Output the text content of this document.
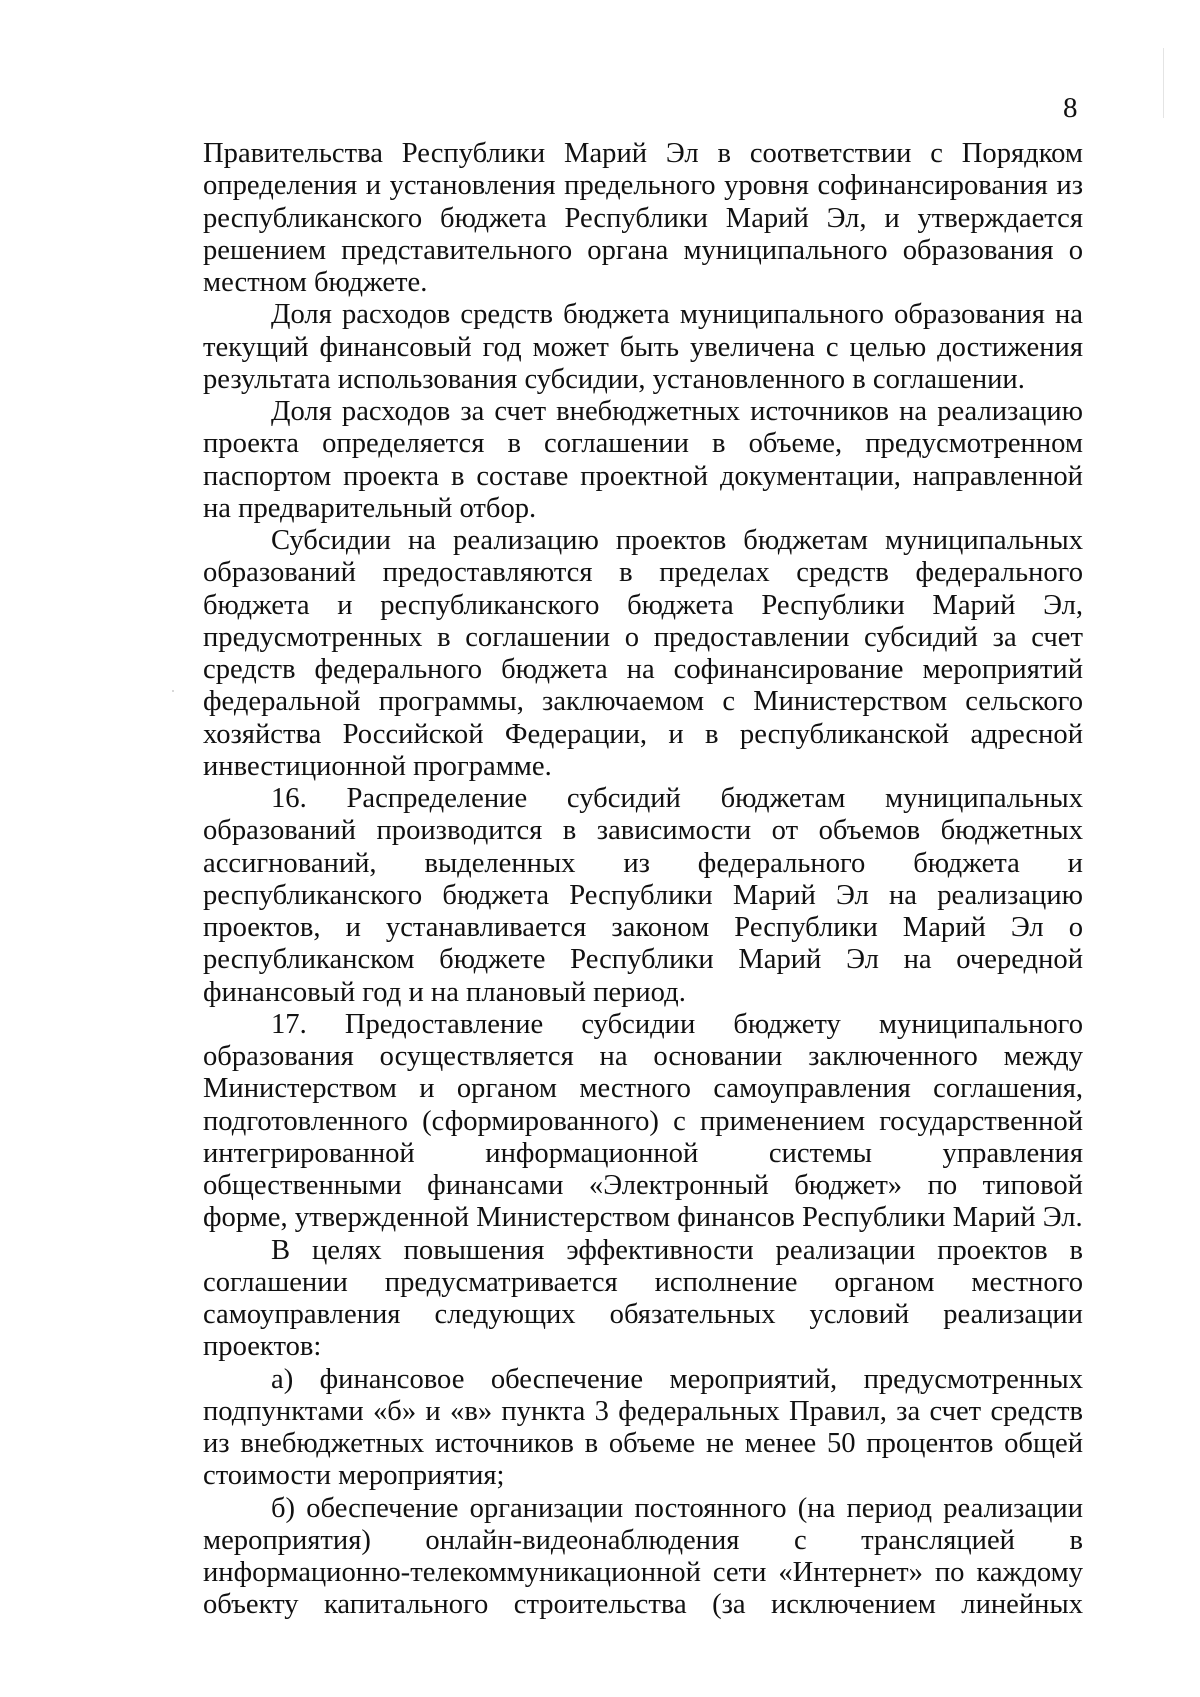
8

Правительства Республики Марий Эл в соответствии с Порядком определения и установления предельного уровня софинансирования из республиканского бюджета Республики Марий Эл, и утверждается решением представительного органа муниципального образования о местном бюджете.

Доля расходов средств бюджета муниципального образования на текущий финансовый год может быть увеличена с целью достижения результата использования субсидии, установленного в соглашении.

Доля расходов за счет внебюджетных источников на реализацию проекта определяется в соглашении в объеме, предусмотренном паспортом проекта в составе проектной документации, направленной на предварительный отбор.

Субсидии на реализацию проектов бюджетам муниципальных образований предоставляются в пределах средств федерального бюджета и республиканского бюджета Республики Марий Эл, предусмотренных в соглашении о предоставлении субсидий за счет средств федерального бюджета на софинансирование мероприятий федеральной программы, заключаемом с Министерством сельского хозяйства Российской Федерации, и в республиканской адресной инвестиционной программе.

16. Распределение субсидий бюджетам муниципальных образований производится в зависимости от объемов бюджетных ассигнований, выделенных из федерального бюджета и республиканского бюджета Республики Марий Эл на реализацию проектов, и устанавливается законом Республики Марий Эл о республиканском бюджете Республики Марий Эл на очередной финансовый год и на плановый период.

17. Предоставление субсидии бюджету муниципального образования осуществляется на основании заключенного между Министерством и органом местного самоуправления соглашения, подготовленного (сформированного) с применением государственной интегрированной информационной системы управления общественными финансами «Электронный бюджет» по типовой форме, утвержденной Министерством финансов Республики Марий Эл.

В целях повышения эффективности реализации проектов в соглашении предусматривается исполнение органом местного самоуправления следующих обязательных условий реализации проектов:

а) финансовое обеспечение мероприятий, предусмотренных подпунктами «б» и «в» пункта 3 федеральных Правил, за счет средств из внебюджетных источников в объеме не менее 50 процентов общей стоимости мероприятия;

б) обеспечение организации постоянного (на период реализации мероприятия) онлайн-видеонаблюдения с трансляцией в информационно-телекоммуникационной сети «Интернет» по каждому объекту капитального строительства (за исключением линейных
